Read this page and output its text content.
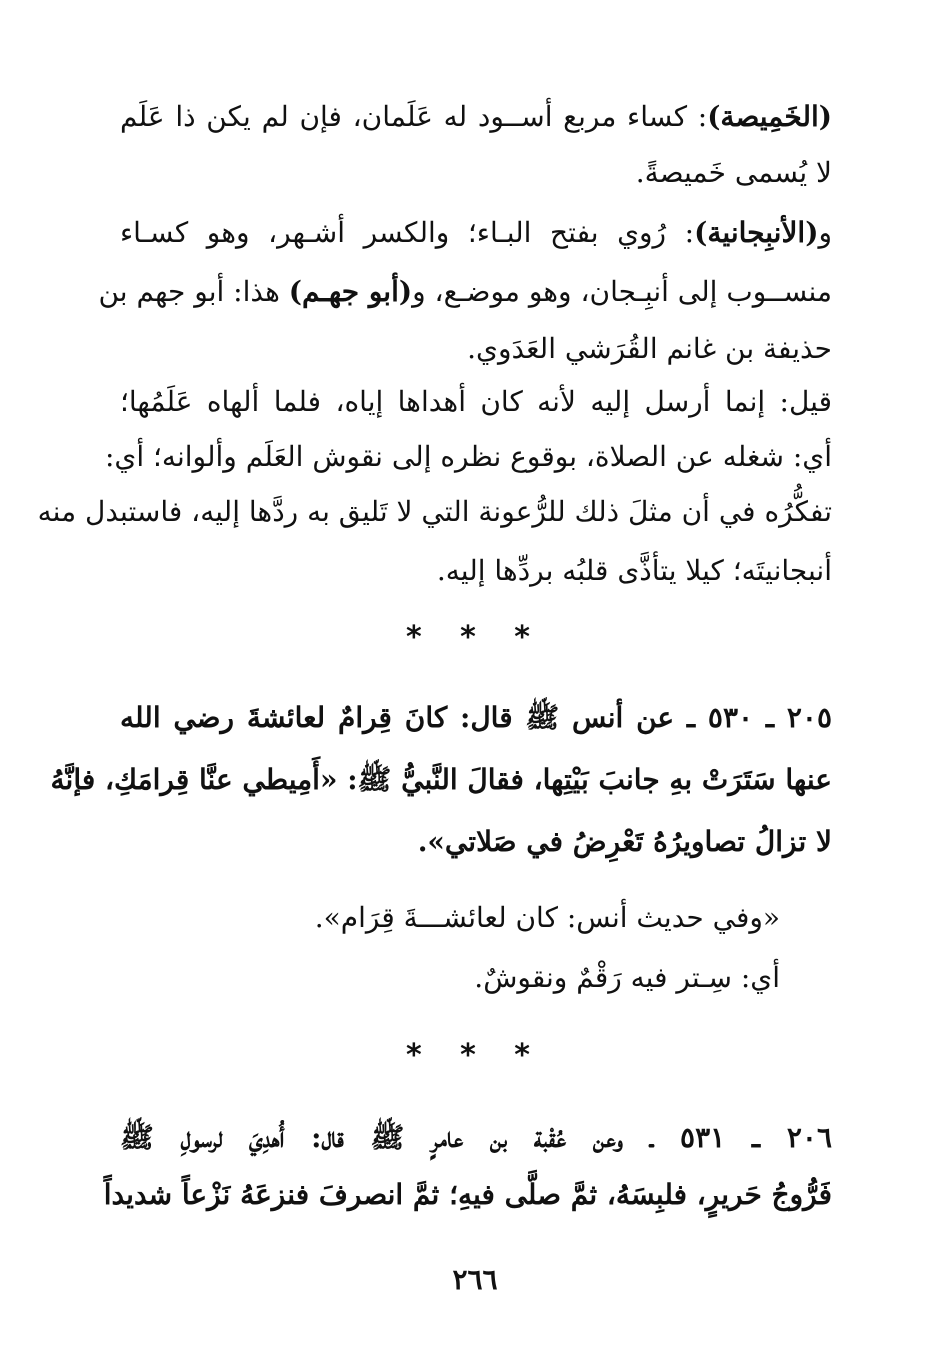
(الخَمِيصة): كساء مربع أســود له عَلَمان، فإن لم يكن ذا عَلَم
لا يُسمى خَميصةً.
و(الأنبِجانية): رُوي بفتح البـاء؛ والكسر أشـهر، وهو كسـاء
منســوب إلى أنبِـجان، وهو موضـع، و(أبو جهـم) هذا: أبو جهم بن
حذيفة بن غانم القُرَشي العَدَوي.
قيل: إنما أرسل إليه لأنه كان أهداها إياه، فلما ألهاه عَلَمُها؛
أي: شغله عن الصلاة، بوقوع نظره إلى نقوش العَلَم وألوانه؛ أي:
تفكُّرُه في أن مثلَ ذلك للرُّعونة التي لا تَليق به ردَّها إليه، فاستبدل منه
أنبجانيتَه؛ كيلا يتأذَّى قلبُه بردِّها إليه.
* * *
٢٠٥ ـ ٥٣٠ ـ عن أنس ﷺ قال: كانَ قِرامٌ لعائشةَ رضي الله
عنها سَتَرَتْ بهِ جانبَ بَيْتِها، فقالَ النَّبيُّ ﷺ: «أَمِيطي عنَّا قِرامَكِ، فإنَّهُ
لا تزالُ تصاويرُهُ تَعْرِضُ في صَلاتي».
«وفي حديث أنس: كان لعائشـــةَ قِرَام».
أي: سِـتر فيه رَقْمٌ ونقوشٌ.
* * *
٢٠٦ ـ ٥٣١ ـ وعن عُقْبة بن عامرٍ ﷺ قال: أُهدِيَ لرسولِ ﷺ
فَرُّوجُ حَريرٍ، فلبِسَهُ، ثمَّ صلَّى فيهِ؛ ثمَّ انصرفَ فنزعَهُ نَزْعاً شديداً
٢٦٦
